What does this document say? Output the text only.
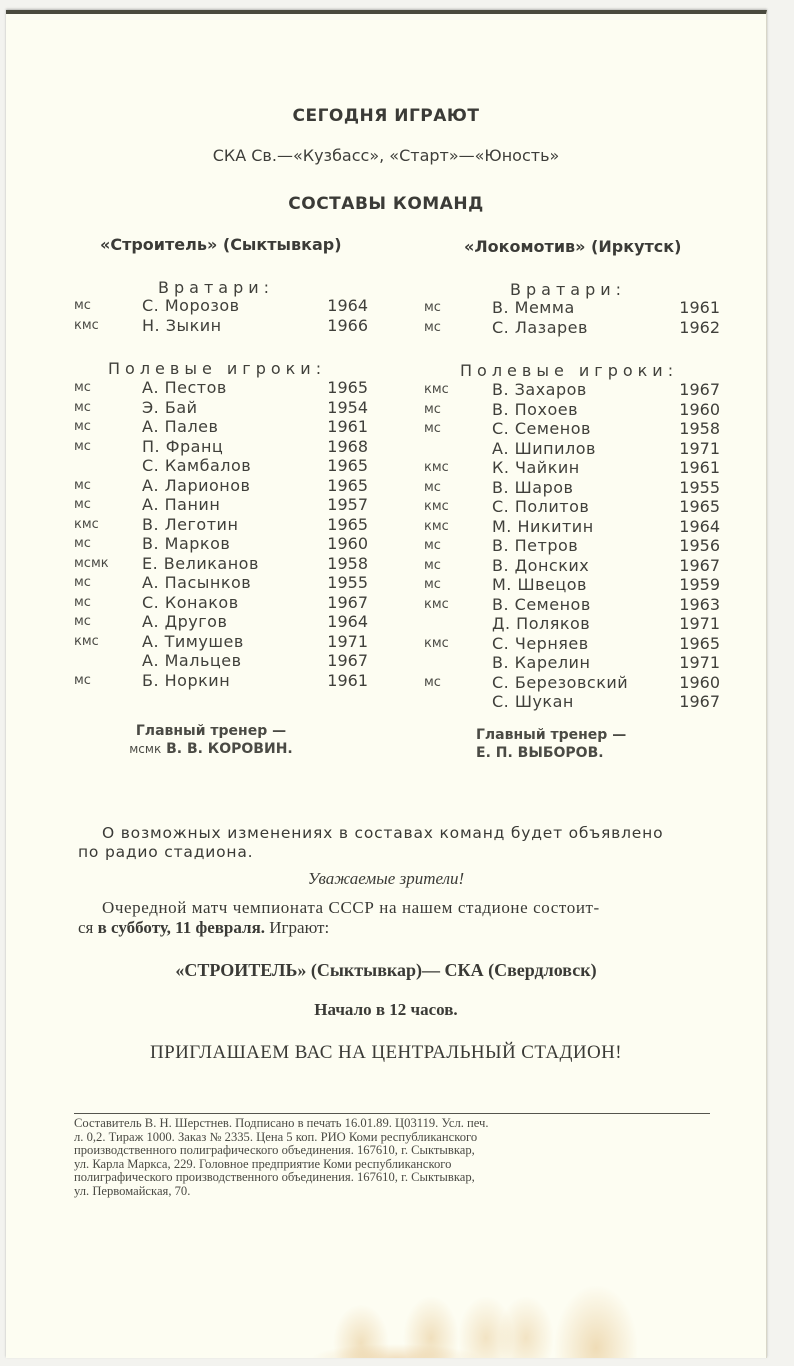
СЕГОДНЯ ИГРАЮТ
СКА Св.—«Кузбасс», «Старт»—«Юность»
СОСТАВЫ КОМАНД
«Строитель» (Сыктывкар)
Вратари:
мс	С. Морозов	1964
кмс	Н. Зыкин	1966
Полевые игроки:
мс	А. Пестов	1965
мс	Э. Бай	1954
мс	А. Палев	1961
мс	П. Франц	1968
С. Камбалов	1965
мс	А. Ларионов	1965
мс	А. Панин	1957
кмс	В. Леготин	1965
мс	В. Марков	1960
мсмк	Е. Великанов	1958
мс	А. Пасынков	1955
мс	С. Конаков	1967
мс	А. Другов	1964
кмс	А. Тимушев	1971
А. Мальцев	1967
мс	Б. Норкин	1961
Главный тренер —
мсмк В. В. КОРОВИН.
«Локомотив» (Иркутск)
Вратари:
мс	В. Мемма	1961
мс	С. Лазарев	1962
Полевые игроки:
кмс	В. Захаров	1967
мс	В. Похоев	1960
мс	С. Семенов	1958
А. Шипилов	1971
кмс	К. Чайкин	1961
мс	В. Шаров	1955
кмс	С. Политов	1965
кмс	М. Никитин	1964
мс	В. Петров	1956
мс	В. Донских	1967
мс	М. Швецов	1959
кмс	В. Семенов	1963
Д. Поляков	1971
кмс	С. Черняев	1965
В. Карелин	1971
мс	С. Березовский	1960
С. Шукан	1967
Главный тренер —
Е. П. ВЫБОРОВ.
О возможных изменениях в составах команд будет объявлено
по радио стадиона.
Уважаемые зрители!
Очередной матч чемпионата СССР на нашем стадионе состоит-
ся в субботу, 11 февраля. Играют:
«СТРОИТЕЛЬ» (Сыктывкар)— СКА (Свердловск)
Начало в 12 часов.
ПРИГЛАШАЕМ ВАС НА ЦЕНТРАЛЬНЫЙ СТАДИОН!
Составитель В. Н. Шерстнев. Подписано в печать 16.01.89. Ц03119. Усл. печ.
л. 0,2. Тираж 1000. Заказ № 2335. Цена 5 коп. РИО Коми республиканского
производственного полиграфического объединения. 167610, г. Сыктывкар,
ул. Карла Маркса, 229. Головное предприятие Коми республиканского
полиграфического производственного объединения. 167610, г. Сыктывкар,
ул. Первомайская, 70.
